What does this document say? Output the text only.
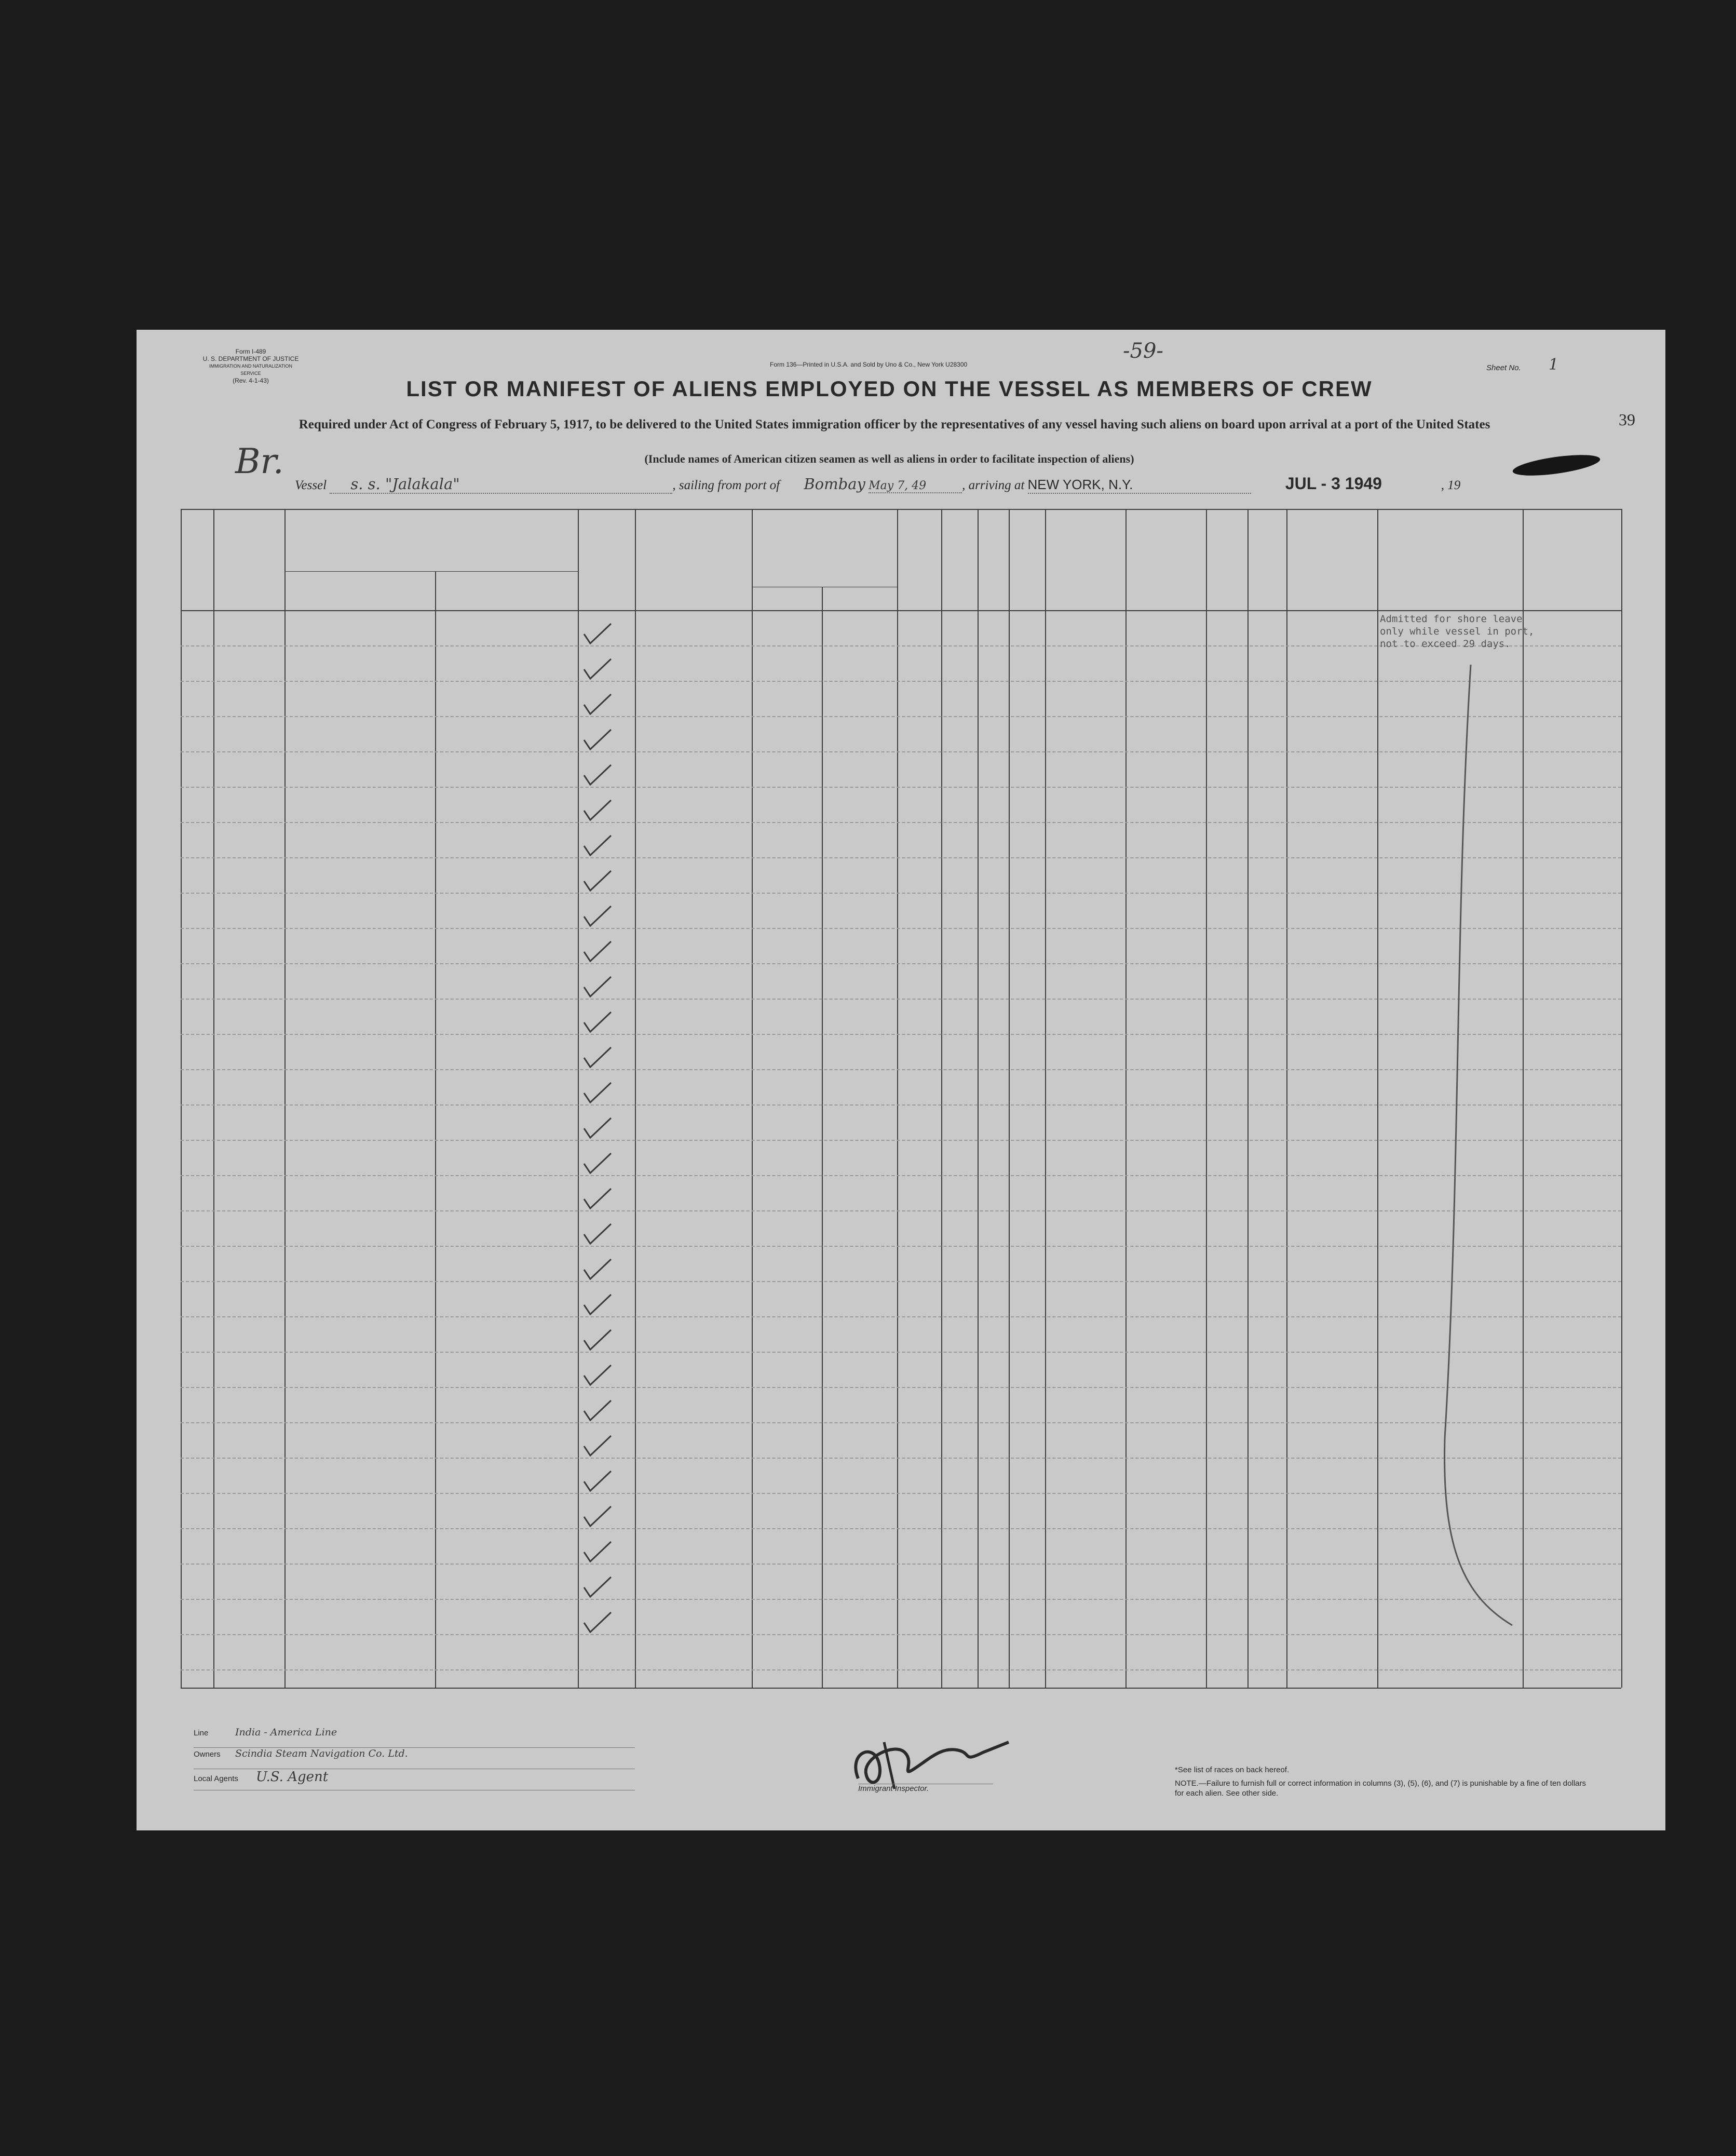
Form I-489
U. S. DEPARTMENT OF JUSTICE
IMMIGRATION AND NATURALIZATION SERVICE
(Rev. 4-1-43)
Form 136—Printed in U.S.A. and Sold by Uno & Co., New York U28300
-59-
Sheet No. 1
39
LIST OR MANIFEST OF ALIENS EMPLOYED ON THE VESSEL AS MEMBERS OF CREW
Required under Act of Congress of February 5, 1917, to be delivered to the United States immigration officer by the representatives of any vessel having such aliens on board upon arrival at a port of the United States
(Include names of American citizen seamen as well as aliens in order to facilitate inspection of aliens)
Br.
Vessel s. s. "Jalakala"	, sailing from port of Bombay May 7, 49	, arriving at NEW YORK, N.Y.	JUL - 3 1949	, 19
Admitted for shore leave only while vessel in port, not to exceed 29 days.
Line	India - America Line
Owners Scindia Steam Navigation Co. Ltd.
Local Agents U.S. Agent
Immigrant Inspector.
*See list of races on back hereof.
NOTE.—Failure to furnish full or correct information in columns (3), (5), (6), and (7) is punishable by a fine of ten dollars for each alien. See other side.
